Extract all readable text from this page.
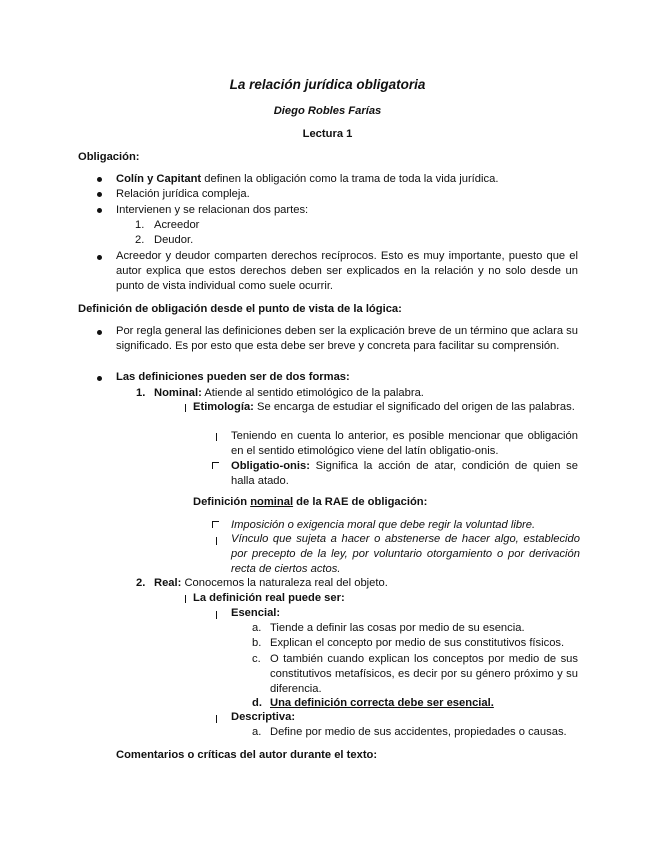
La relación jurídica obligatoria
Diego Robles Farías
Lectura 1
Obligación:
Colín y Capitant definen la obligación como la trama de toda la vida jurídica.
Relación jurídica compleja.
Intervienen y se relacionan dos partes:
1. Acreedor
2. Deudor.
Acreedor y deudor comparten derechos recíprocos. Esto es muy importante, puesto que el autor explica que estos derechos deben ser explicados en la relación y no solo desde un punto de vista individual como suele ocurrir.
Definición de obligación desde el punto de vista de la lógica:
Por regla general las definiciones deben ser la explicación breve de un término que aclara su significado. Es por esto que esta debe ser breve y concreta para facilitar su comprensión.
Las definiciones pueden ser de dos formas:
1. Nominal: Atiende al sentido etimológico de la palabra.
Etimología: Se encarga de estudiar el significado del origen de las palabras.
Teniendo en cuenta lo anterior, es posible mencionar que obligación en el sentido etimológico viene del latín obligatio-onis.
Obligatio-onis: Significa la acción de atar, condición de quien se halla atado.
Definición nominal de la RAE de obligación:
Imposición o exigencia moral que debe regir la voluntad libre.
Vínculo que sujeta a hacer o abstenerse de hacer algo, establecido por precepto de la ley, por voluntario otorgamiento o por derivación recta de ciertos actos.
2. Real: Conocemos la naturaleza real del objeto.
La definición real puede ser:
Esencial:
a. Tiende a definir las cosas por medio de su esencia.
b. Explican el concepto por medio de sus constitutivos físicos.
c. O también cuando explican los conceptos por medio de sus constitutivos metafísicos, es decir por su género próximo y su diferencia.
d. Una definición correcta debe ser esencial.
Descriptiva:
a. Define por medio de sus accidentes, propiedades o causas.
Comentarios o críticas del autor durante el texto:
